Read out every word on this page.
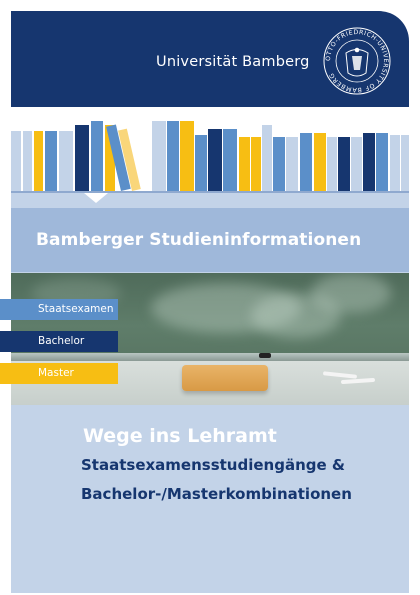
Universität Bamberg OTTO-FRIEDRICH-UNIVERSITY OF BAMBERG
Bamberger Studieninformationen
Staatsexamen
Bachelor
Master
Wege ins Lehramt
Staatsexamensstudiengänge &
Bachelor-/Masterkombinationen
